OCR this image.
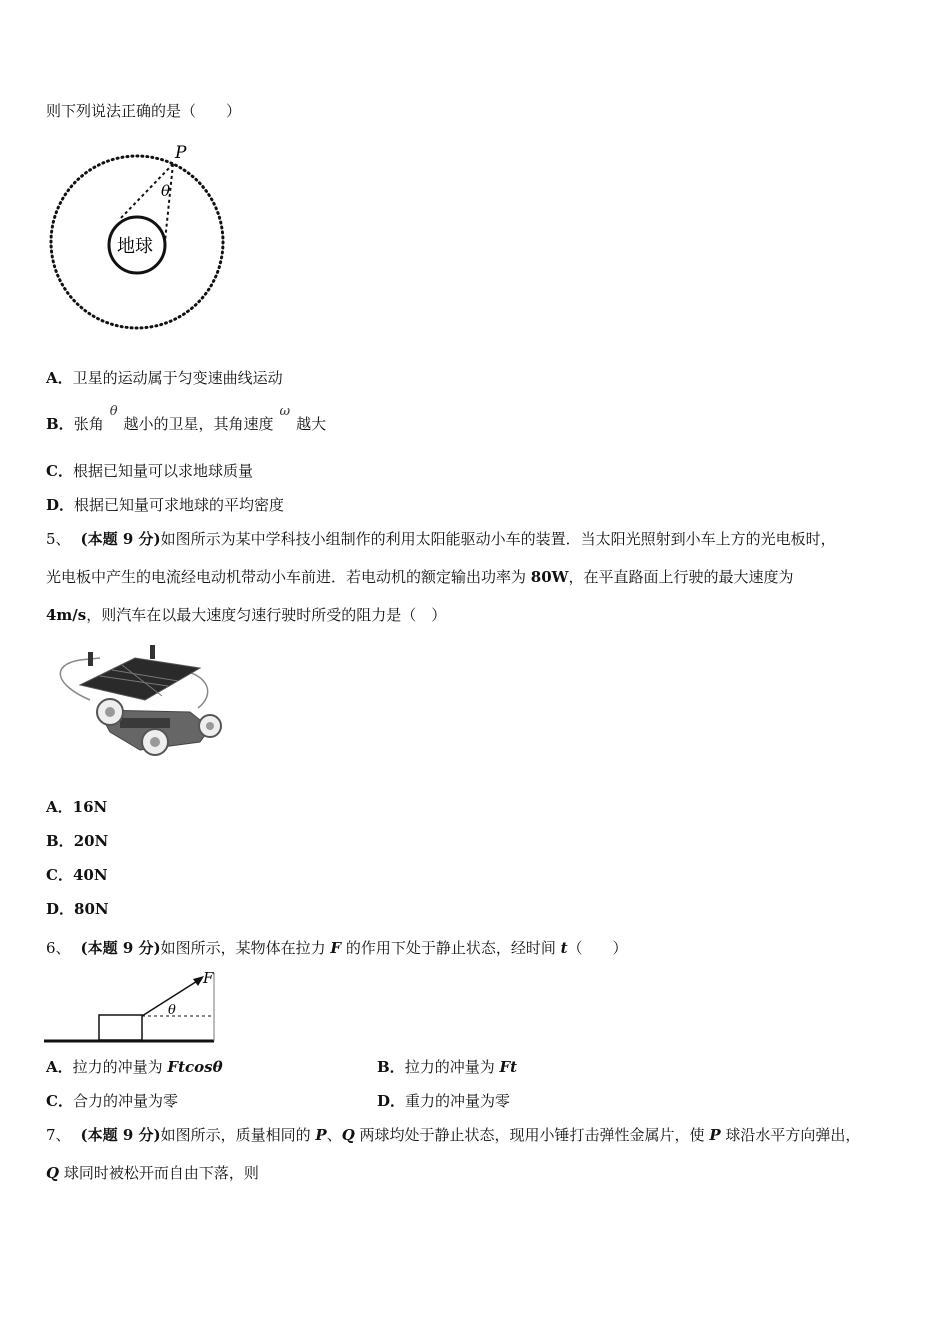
则下列说法正确的是（　　）
P
θ
地球
A．卫星的运动属于匀变速曲线运动
B．张角θ越小的卫星，其角速度ω越大
C．根据已知量可以求地球质量
D．根据已知量可求地球的平均密度
5、 (本题 9 分)如图所示为某中学科技小组制作的利用太阳能驱动小车的装置．当太阳光照射到小车上方的光电板时，
光电板中产生的电流经电动机带动小车前进．若电动机的额定输出功率为 80W，在平直路面上行驶的最大速度为
4m/s，则汽车在以最大速度匀速行驶时所受的阻力是（　）
A．16N
B．20N
C．40N
D．80N
6、 (本题 9 分)如图所示，某物体在拉力 F 的作用下处于静止状态，经时间 t（　　）
F
θ
A．拉力的冲量为 Ftcosθ	B．拉力的冲量为 Ft
C．合力的冲量为零	D．重力的冲量为零
7、 (本题 9 分)如图所示，质量相同的 P、Q 两球均处于静止状态，现用小锤打击弹性金属片，使 P 球沿水平方向弹出，
Q 球同时被松开而自由下落，则
